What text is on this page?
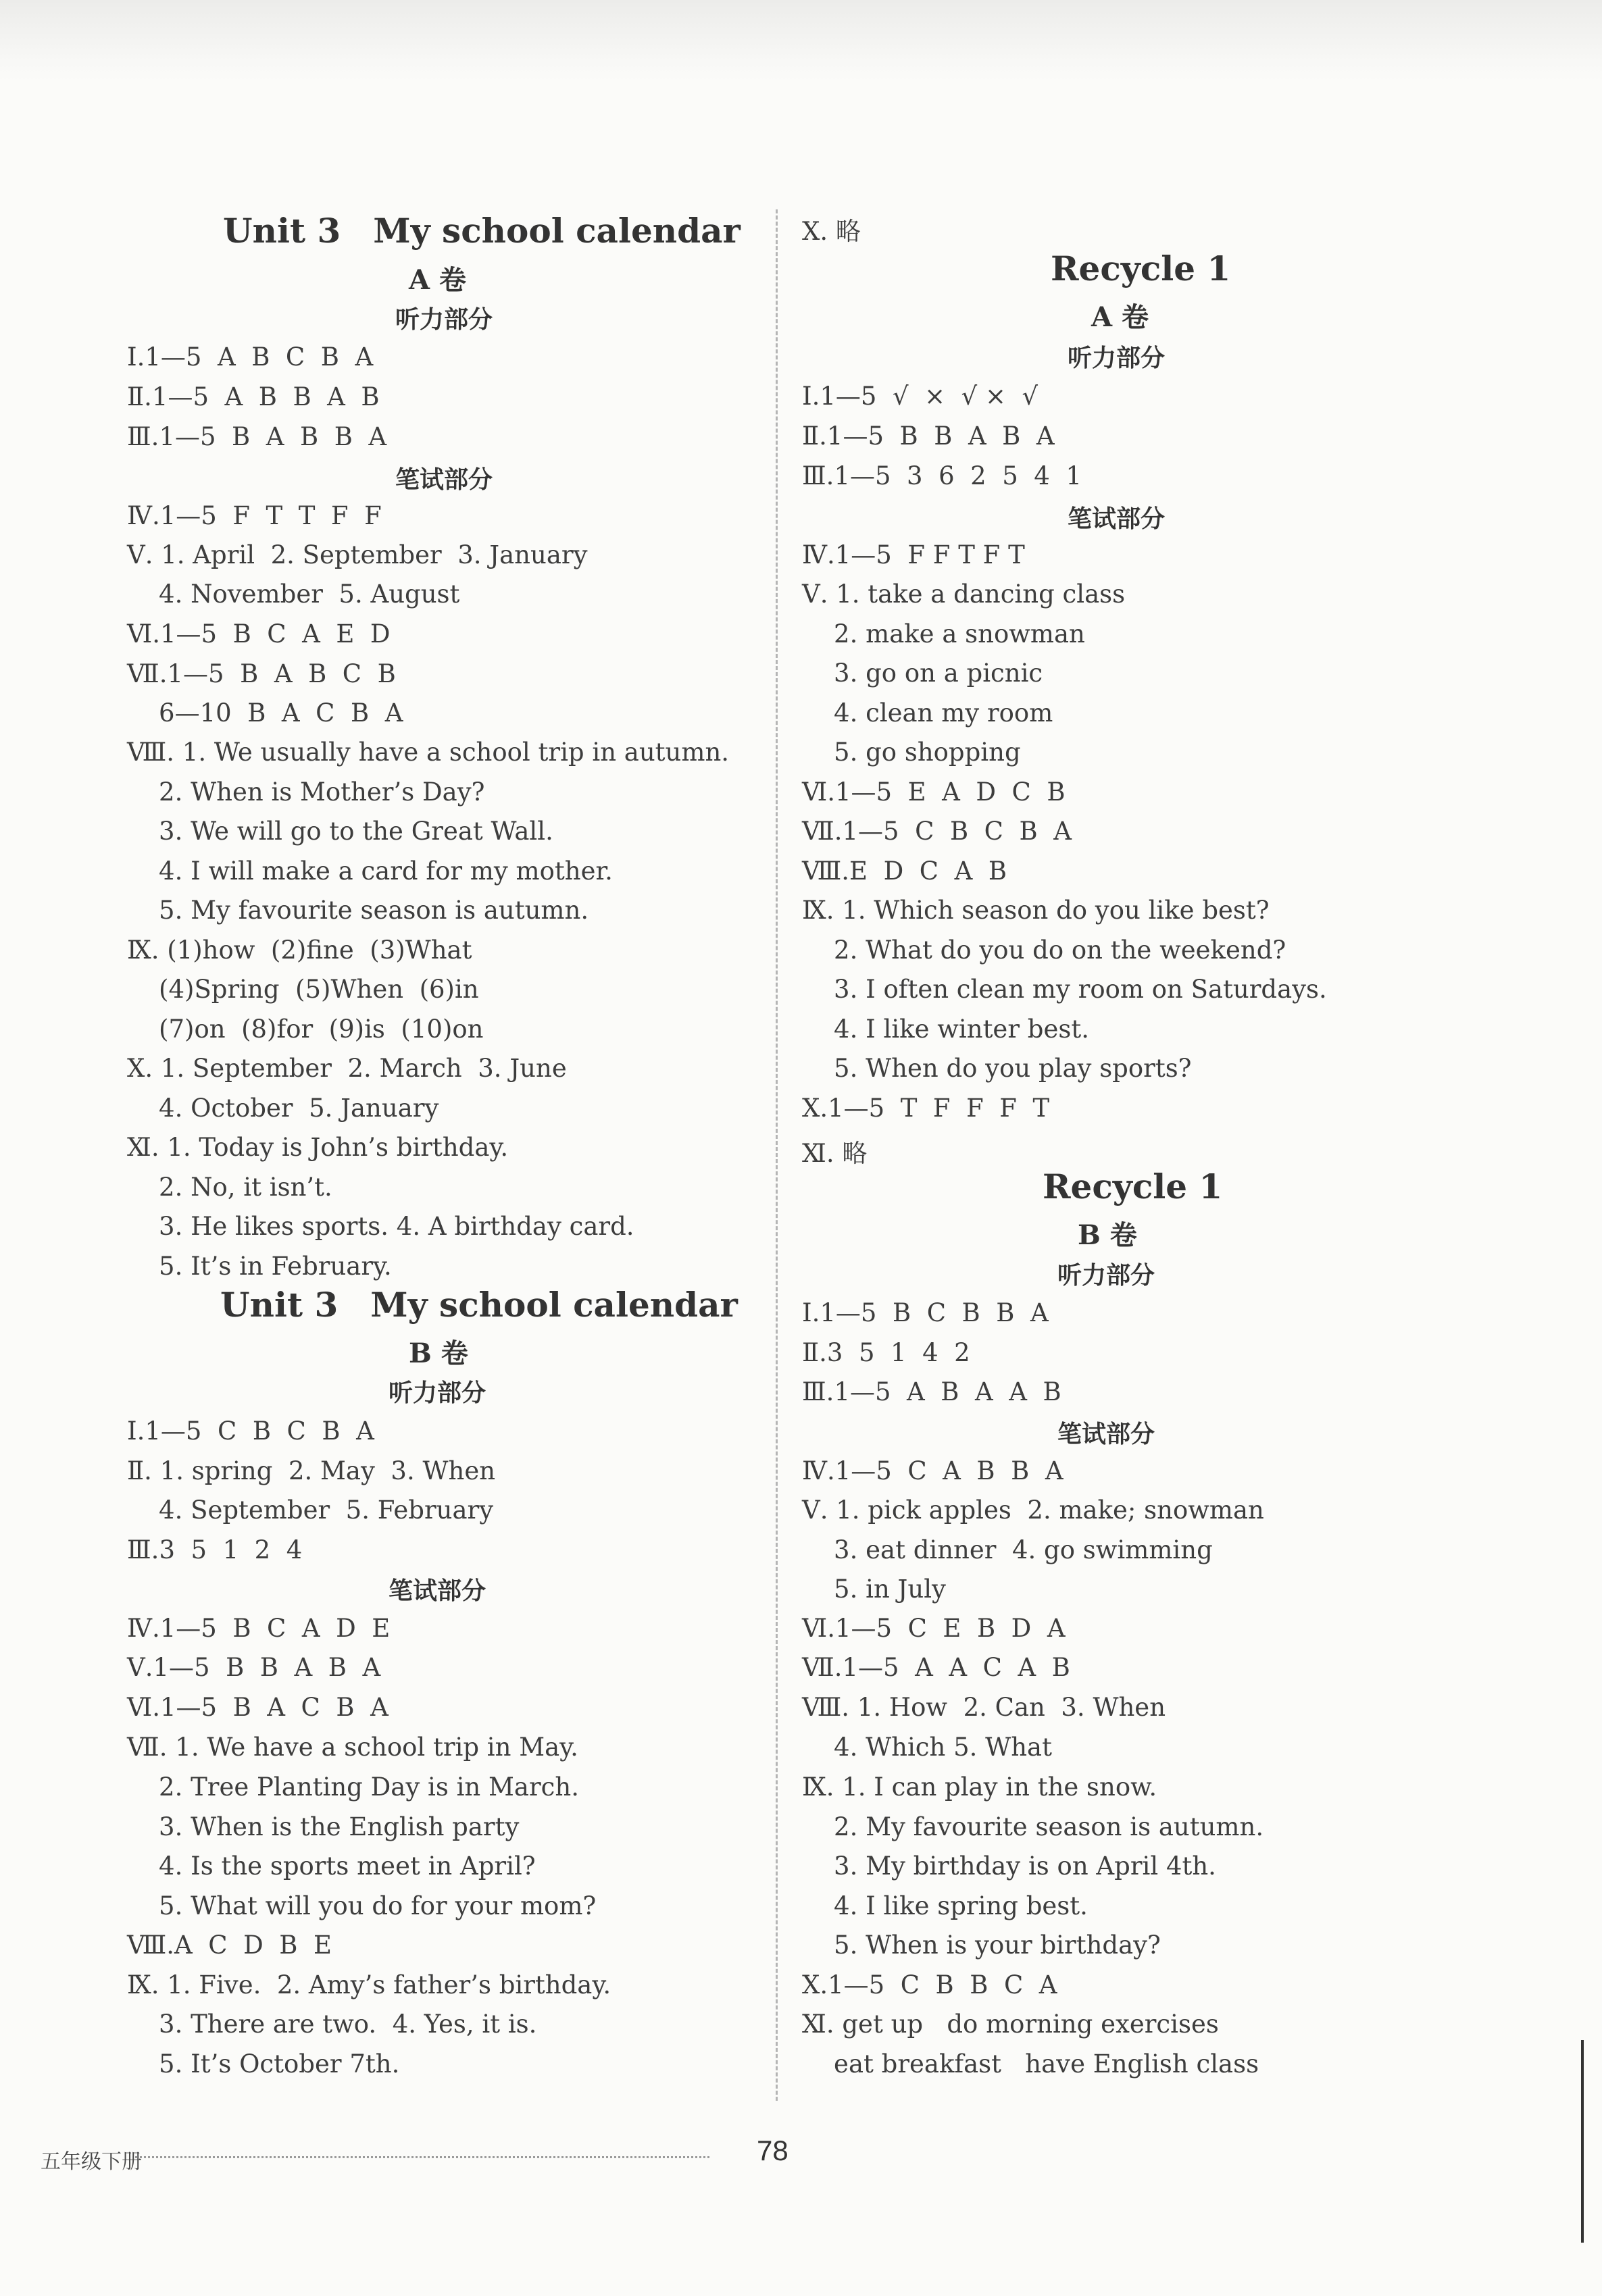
Unit 3 My school calendar
A 卷
听力部分
Ⅰ.1—5  A  B  C  B  A
Ⅱ.1—5  A  B  B  A  B
Ⅲ.1—5  B  A  B  B  A
笔试部分
Ⅳ.1—5  F  T  T  F  F
Ⅴ. 1. April  2. September  3. January
4. November  5. August
Ⅵ.1—5  B  C  A  E  D
Ⅶ.1—5  B  A  B  C  B
6—10  B  A  C  B  A
Ⅷ. 1. We usually have a school trip in autumn.
2. When is Mother’s Day?
3. We will go to the Great Wall.
4. I will make a card for my mother.
5. My favourite season is autumn.
Ⅸ. (1)how  (2)fine  (3)What
(4)Spring  (5)When  (6)in
(7)on  (8)for  (9)is  (10)on
Ⅹ. 1. September  2. March  3. June
4. October  5. January
Ⅺ. 1. Today is John’s birthday.
2. No, it isn’t.
3. He likes sports. 4. A birthday card.
5. It’s in February.
Unit 3 My school calendar
B 卷
听力部分
Ⅰ.1—5  C  B  C  B  A
Ⅱ. 1. spring  2. May  3. When
4. September  5. February
Ⅲ.3  5  1  2  4
笔试部分
Ⅳ.1—5  B  C  A  D  E
Ⅴ.1—5  B  B  A  B  A
Ⅵ.1—5  B  A  C  B  A
Ⅶ. 1. We have a school trip in May.
2. Tree Planting Day is in March.
3. When is the English party
4. Is the sports meet in April?
5. What will you do for your mom?
Ⅷ.A  C  D  B  E
Ⅸ. 1. Five.  2. Amy’s father’s birthday.
3. There are two.  4. Yes, it is.
5. It’s October 7th.
Ⅹ. 略
Recycle 1
A 卷
听力部分
Ⅰ.1—5  √  ×  √ ×  √
Ⅱ.1—5  B  B  A  B  A
Ⅲ.1—5  3  6  2  5  4  1
笔试部分
Ⅳ.1—5  F F T F T
Ⅴ. 1. take a dancing class
2. make a snowman
3. go on a picnic
4. clean my room
5. go shopping
Ⅵ.1—5  E  A  D  C  B
Ⅶ.1—5  C  B  C  B  A
Ⅷ.E  D  C  A  B
Ⅸ. 1. Which season do you like best?
2. What do you do on the weekend?
3. I often clean my room on Saturdays.
4. I like winter best.
5. When do you play sports?
Ⅹ.1—5  T  F  F  F  T
Ⅺ. 略
Recycle 1
B 卷
听力部分
Ⅰ.1—5  B  C  B  B  A
Ⅱ.3  5  1  4  2
Ⅲ.1—5  A  B  A  A  B
笔试部分
Ⅳ.1—5  C  A  B  B  A
Ⅴ. 1. pick apples  2. make; snowman
3. eat dinner  4. go swimming
5. in July
Ⅵ.1—5  C  E  B  D  A
Ⅶ.1—5  A  A  C  A  B
Ⅷ. 1. How  2. Can  3. When
4. Which 5. What
Ⅸ. 1. I can play in the snow.
2. My favourite season is autumn.
3. My birthday is on April 4th.
4. I like spring best.
5. When is your birthday?
Ⅹ.1—5  C  B  B  C  A
Ⅺ. get up   do morning exercises
eat breakfast   have English class
五年级下册	78
